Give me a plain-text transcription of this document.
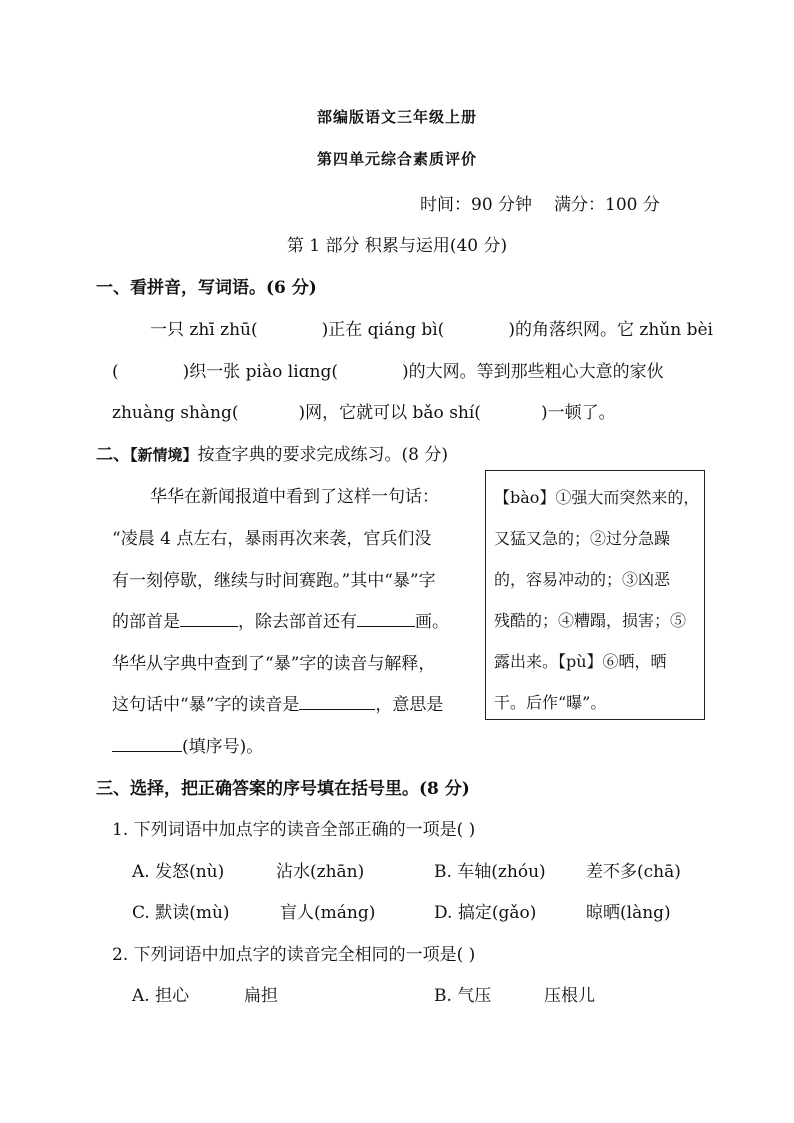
部编版语文三年级上册
第四单元综合素质评价
时间：90 分钟 满分：100 分
第 1 部分 积累与运用(40 分)
一、看拼音，写词语。(6 分)
一只 zhī zhū(	)正在 qiáng bì(	)的角落织网。它 zhǔn bèi
(	)织一张 piào liɑng(	)的大网。等到那些粗心大意的家伙
zhuàng shàng(	)网，它就可以 bǎo shí(	)一顿了。
二、【新情境】按查字典的要求完成练习。(8 分)
华华在新闻报道中看到了这样一句话：
“凌晨 4 点左右，暴雨再次来袭，官兵们没
有一刻停歇，继续与时间赛跑。”其中“暴”字
的部首是	，除去部首还有	画。
华华从字典中查到了“暴”字的读音与解释，
这句话中“暴”字的读音是	，意思是
(填序号)。
【bào】①强大而突然来的，
又猛又急的；②过分急躁
的，容易冲动的；③凶恶
残酷的；④糟蹋，损害；⑤
露出来。【pù】⑥晒，晒
干。后作“曝”。
三、选择，把正确答案的序号填在括号里。(8 分)
1. 下列词语中加点字的读音全部正确的一项是( )
A. 发怒(nù)	沾水(zhān)	B. 车轴(zhóu) 差不多(chā)
C. 默读(mù)	盲人(máng)	D. 搞定(gǎo)	晾晒(làng)
2. 下列词语中加点字的读音完全相同的一项是( )
A. 担心	扁担	B. 气压	压根儿
